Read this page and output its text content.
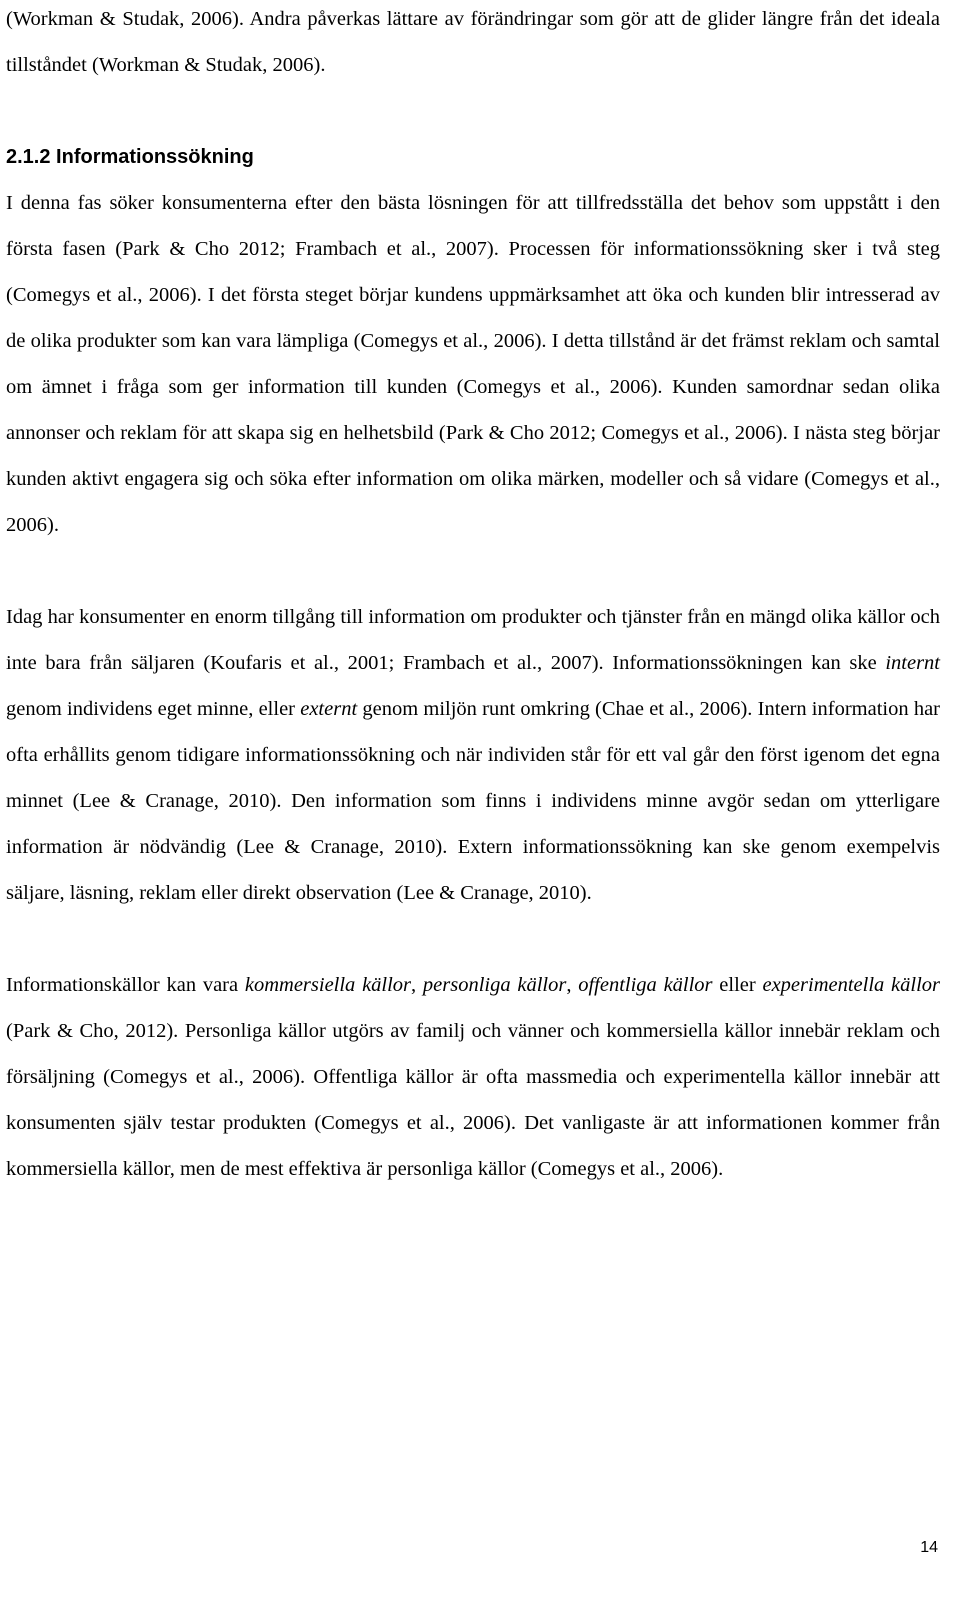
(Workman & Studak, 2006). Andra påverkas lättare av förändringar som gör att de glider längre från det ideala tillståndet (Workman & Studak, 2006).

2.1.2 Informationssökning

I denna fas söker konsumenterna efter den bästa lösningen för att tillfredsställa det behov som uppstått i den första fasen (Park & Cho 2012; Frambach et al., 2007). Processen för informationssökning sker i två steg (Comegys et al., 2006). I det första steget börjar kundens uppmärksamhet att öka och kunden blir intresserad av de olika produkter som kan vara lämpliga (Comegys et al., 2006). I detta tillstånd är det främst reklam och samtal om ämnet i fråga som ger information till kunden (Comegys et al., 2006). Kunden samordnar sedan olika annonser och reklam för att skapa sig en helhetsbild (Park & Cho 2012; Comegys et al., 2006). I nästa steg börjar kunden aktivt engagera sig och söka efter information om olika märken, modeller och så vidare (Comegys et al., 2006).

Idag har konsumenter en enorm tillgång till information om produkter och tjänster från en mängd olika källor och inte bara från säljaren (Koufaris et al., 2001; Frambach et al., 2007). Informationssökningen kan ske internt genom individens eget minne, eller externt genom miljön runt omkring (Chae et al., 2006). Intern information har ofta erhållits genom tidigare informationssökning och när individen står för ett val går den först igenom det egna minnet (Lee & Cranage, 2010). Den information som finns i individens minne avgör sedan om ytterligare information är nödvändig (Lee & Cranage, 2010). Extern informationssökning kan ske genom exempelvis säljare, läsning, reklam eller direkt observation (Lee & Cranage, 2010).

Informationskällor kan vara kommersiella källor, personliga källor, offentliga källor eller experimentella källor (Park & Cho, 2012). Personliga källor utgörs av familj och vänner och kommersiella källor innebär reklam och försäljning (Comegys et al., 2006). Offentliga källor är ofta massmedia och experimentella källor innebär att konsumenten själv testar produkten (Comegys et al., 2006). Det vanligaste är att informationen kommer från kommersiella källor, men de mest effektiva är personliga källor (Comegys et al., 2006).

14
